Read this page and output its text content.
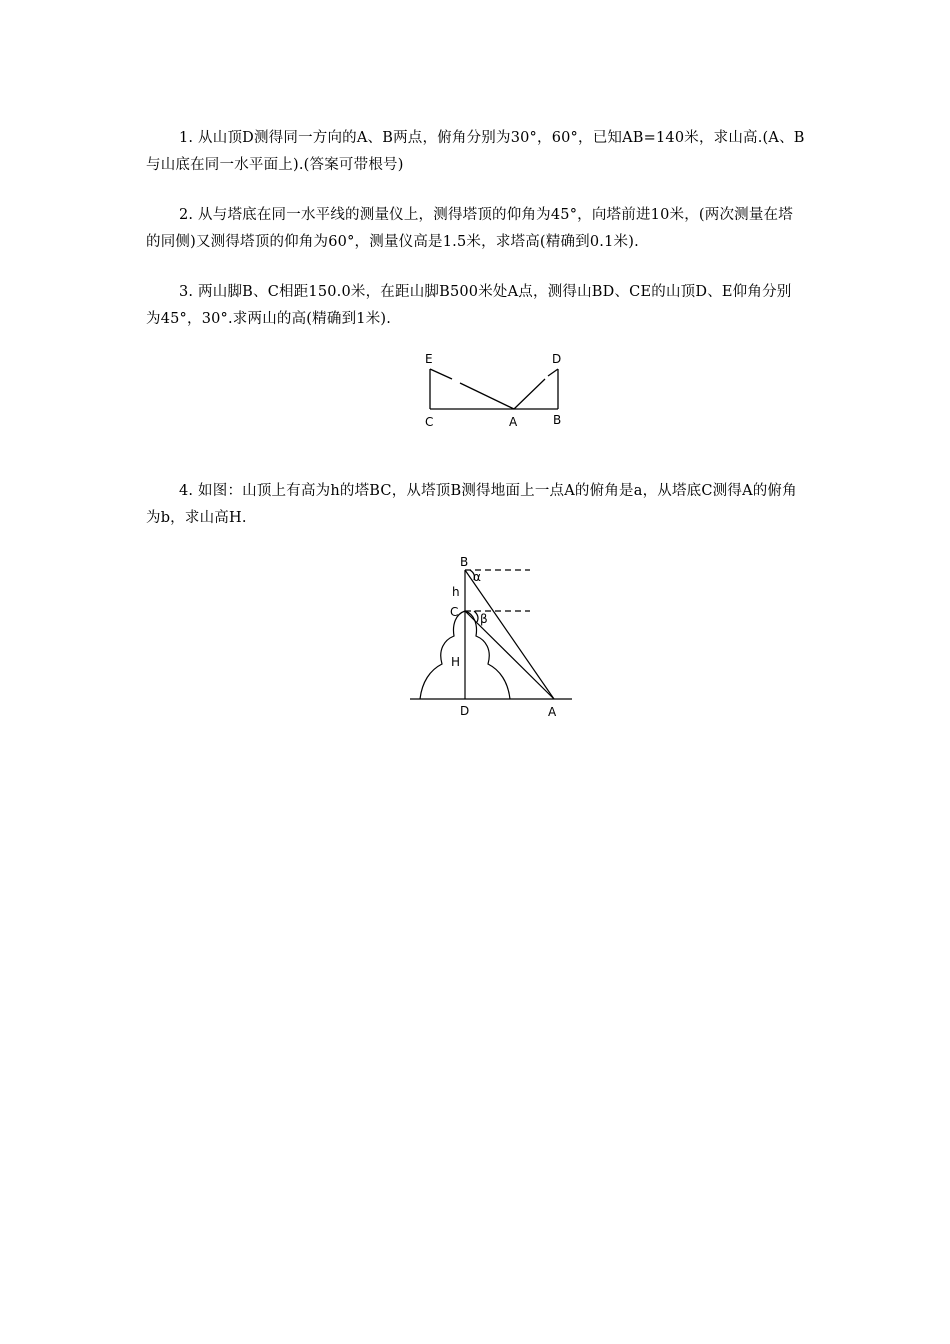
1. 从山顶D测得同一方向的A、B两点，俯角分别为30°，60°，已知AB=140米，求山高.(A、B与山底在同一水平面上).(答案可带根号)

2. 从与塔底在同一水平线的测量仪上，测得塔顶的仰角为45°，向塔前进10米，(两次测量在塔的同侧)又测得塔顶的仰角为60°，测量仪高是1.5米，求塔高(精确到0.1米).

3. 两山脚B、C相距150.0米，在距山脚B500米处A点，测得山BD、CE的山顶D、E仰角分别为45°，30°.求两山的高(精确到1米).

E	D
C	A	B

4. 如图：山顶上有高为h的塔BC，从塔顶B测得地面上一点A的俯角是a，从塔底C测得A的俯角为b，求山高H.

B
h
C
H
D	A
α
β
